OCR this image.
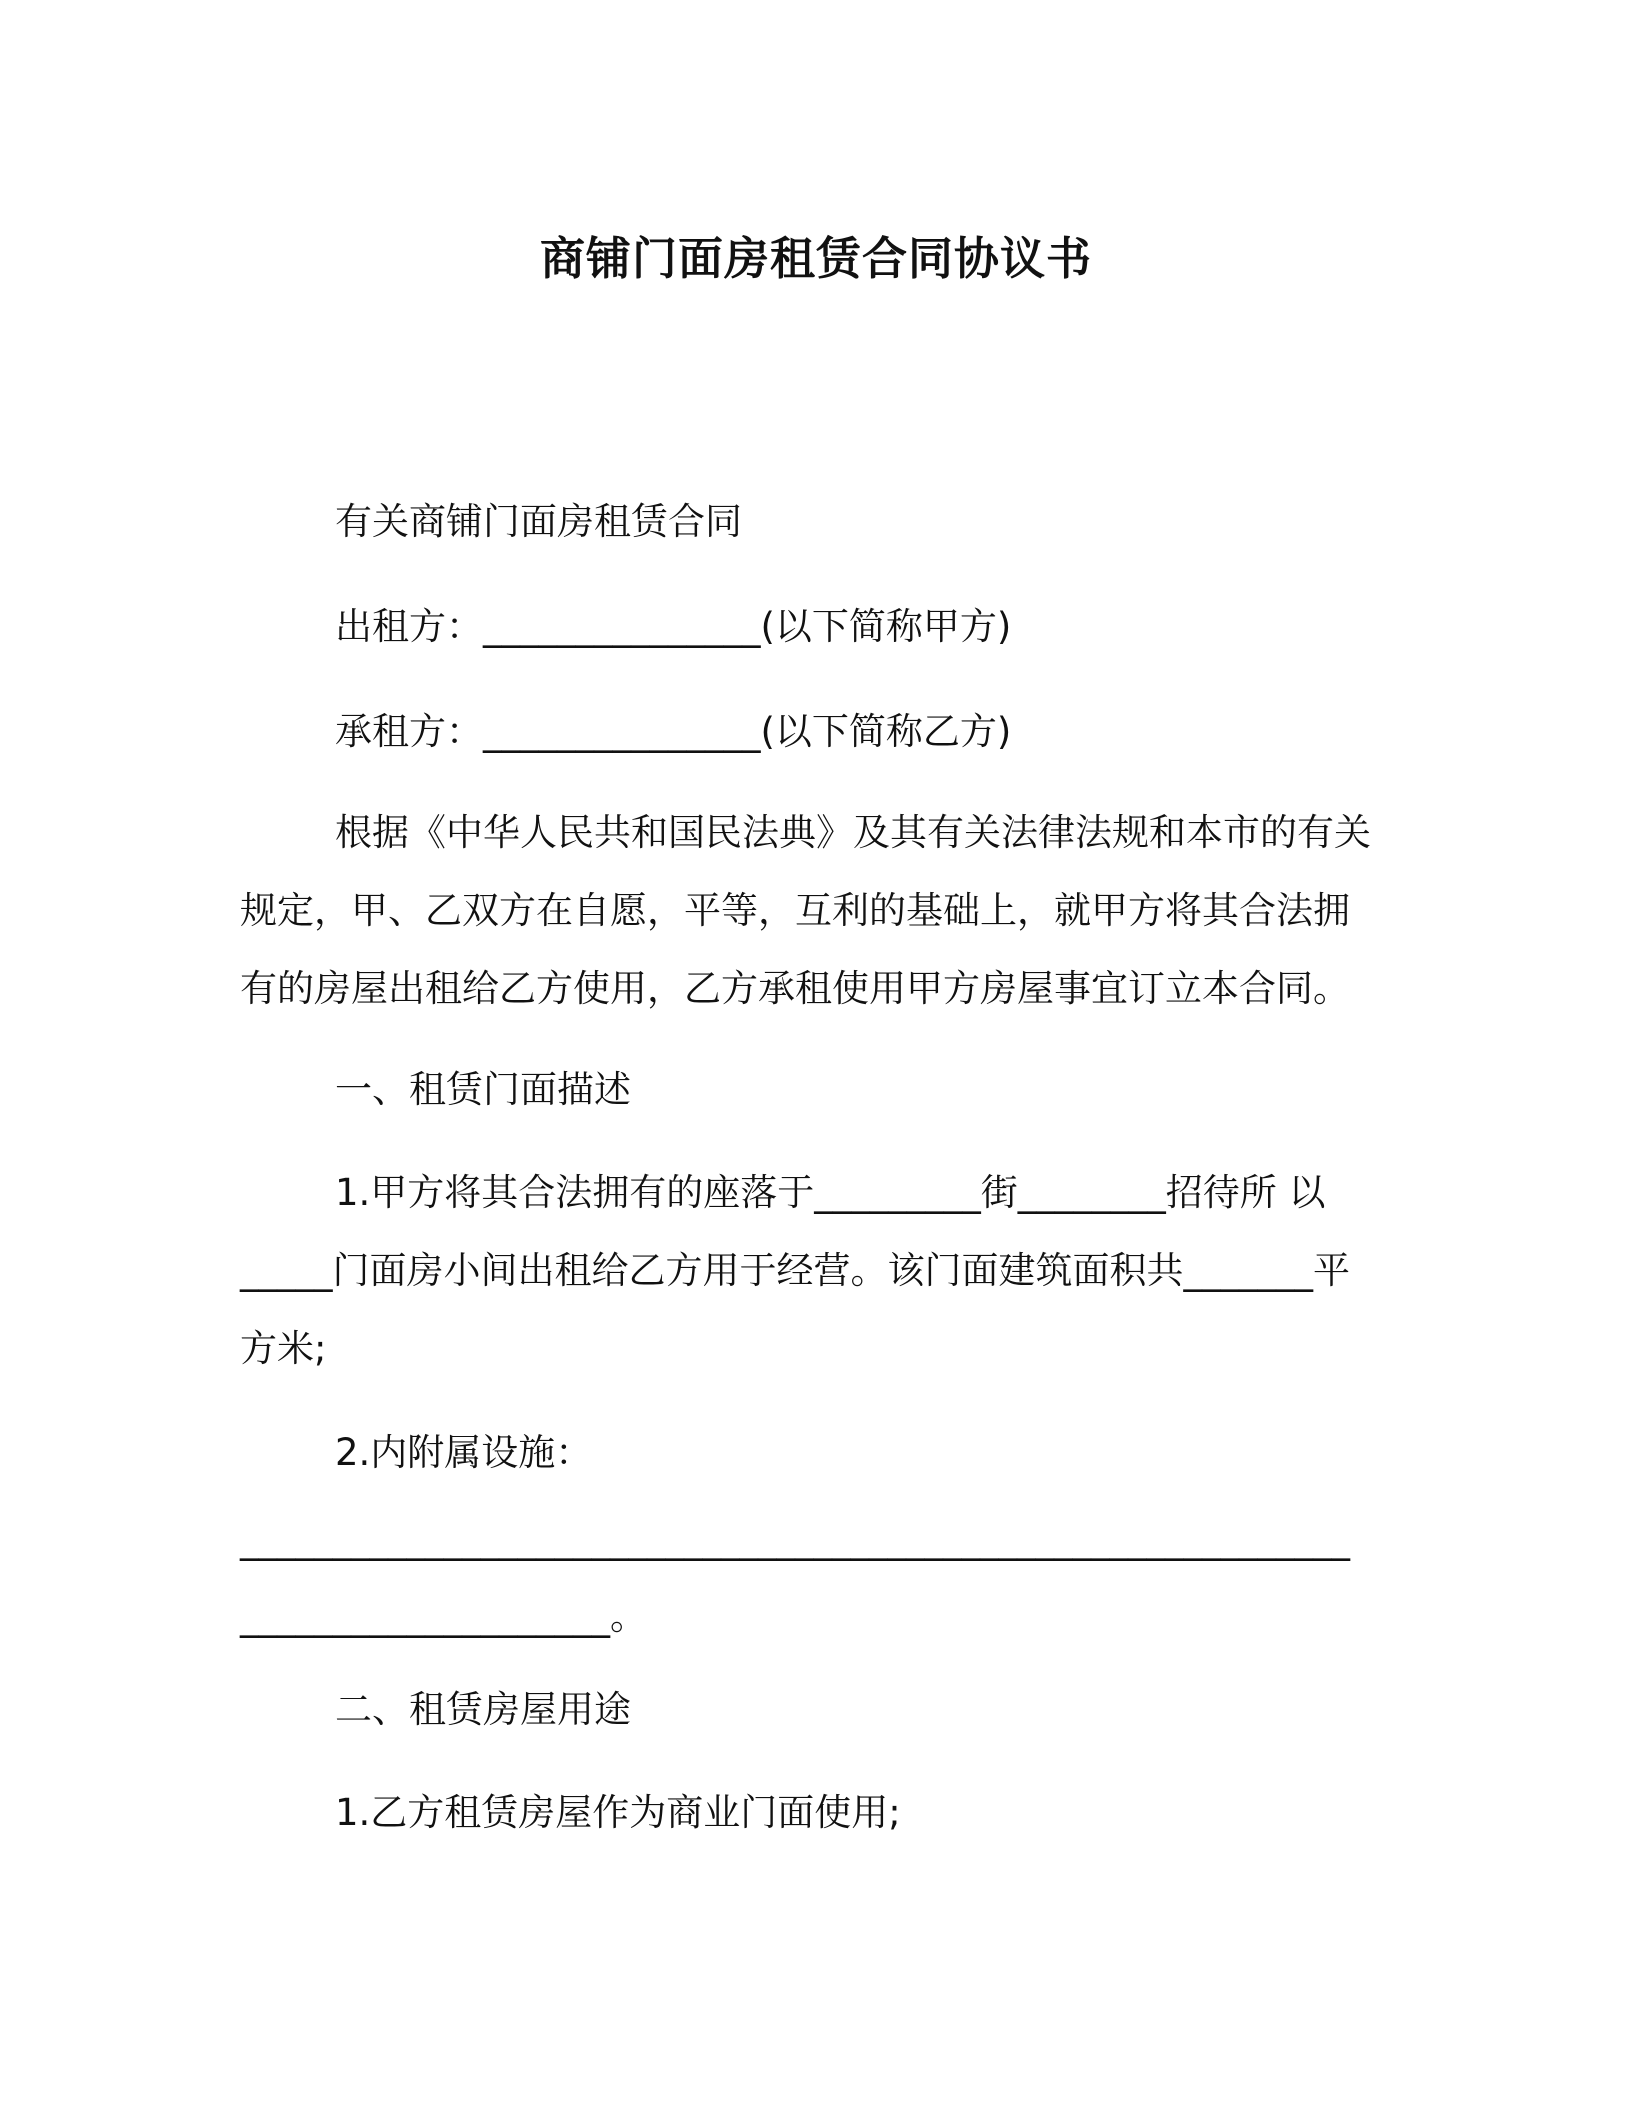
商铺门面房租赁合同协议书
有关商铺门面房租赁合同
出租方：_______________(以下简称甲方)
承租方：_______________(以下简称乙方)
根据《中华人民共和国民法典》及其有关法律法规和本市的有关
规定，甲、乙双方在自愿，平等，互利的基础上，就甲方将其合法拥
有的房屋出租给乙方使用，乙方承租使用甲方房屋事宜订立本合同。
一、租赁门面描述
1.甲方将其合法拥有的座落于_________街________招待所 以
_____门面房小间出租给乙方用于经营。该门面建筑面积共_______平
方米;
2.内附属设施：
____________________________________________________________
____________________。
二、租赁房屋用途
1.乙方租赁房屋作为商业门面使用;
